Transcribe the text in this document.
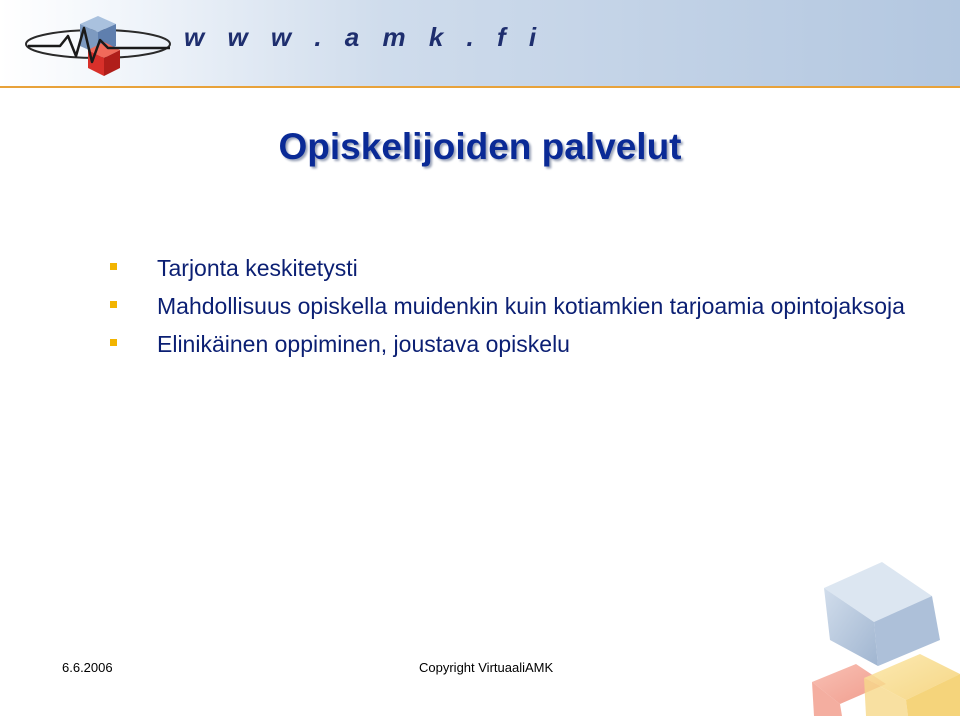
w w w . a m k . f i
Opiskelijoiden palvelut
Tarjonta keskitetysti
Mahdollisuus opiskella muidenkin kuin kotiamkien tarjoamia opintojaksoja
Elinikäinen oppiminen, joustava opiskelu
6.6.2006	Copyright VirtuaaliAMK
